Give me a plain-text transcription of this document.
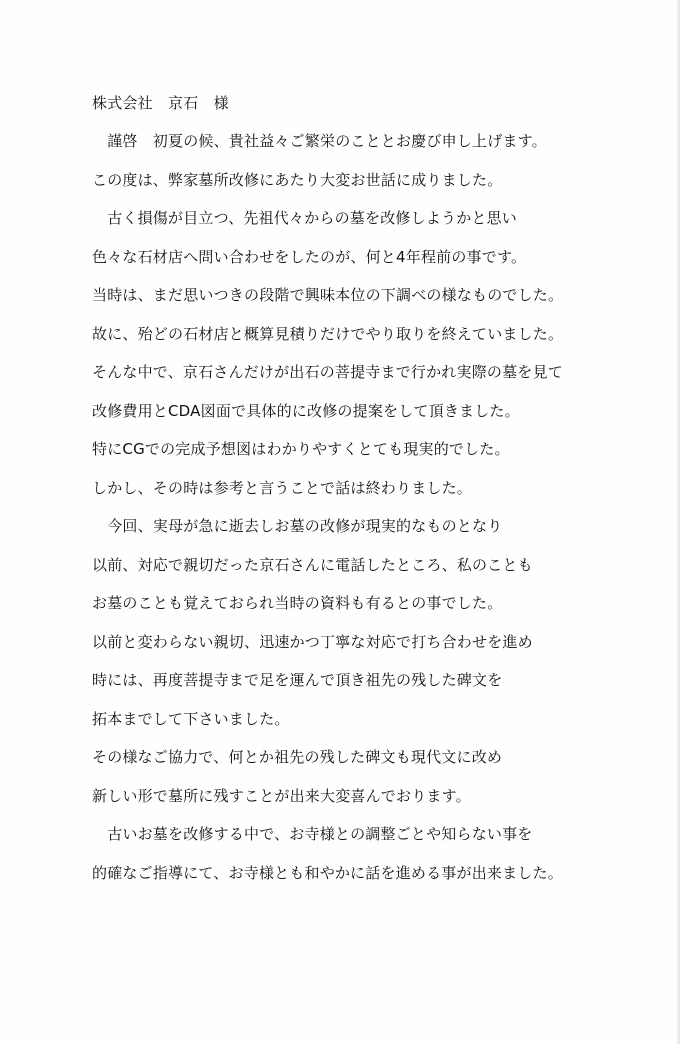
株式会社　京石　様
　謹啓　初夏の候、貴社益々ご繁栄のこととお慶び申し上げます。
この度は、弊家墓所改修にあたり大変お世話に成りました。
　古く損傷が目立つ、先祖代々からの墓を改修しようかと思い
色々な石材店へ問い合わせをしたのが、何と4年程前の事です。
当時は、まだ思いつきの段階で興味本位の下調べの様なものでした。
故に、殆どの石材店と概算見積りだけでやり取りを終えていました。
そんな中で、京石さんだけが出石の菩提寺まで行かれ実際の墓を見て
改修費用とCDA図面で具体的に改修の提案をして頂きました。
特にCGでの完成予想図はわかりやすくとても現実的でした。
しかし、その時は参考と言うことで話は終わりました。
　今回、実母が急に逝去しお墓の改修が現実的なものとなり
以前、対応で親切だった京石さんに電話したところ、私のことも
お墓のことも覚えておられ当時の資料も有るとの事でした。
以前と変わらない親切、迅速かつ丁寧な対応で打ち合わせを進め
時には、再度菩提寺まで足を運んで頂き祖先の残した碑文を
拓本までして下さいました。
その様なご協力で、何とか祖先の残した碑文も現代文に改め
新しい形で墓所に残すことが出来大変喜んでおります。
　古いお墓を改修する中で、お寺様との調整ごとや知らない事を
的確なご指導にて、お寺様とも和やかに話を進める事が出来ました。
